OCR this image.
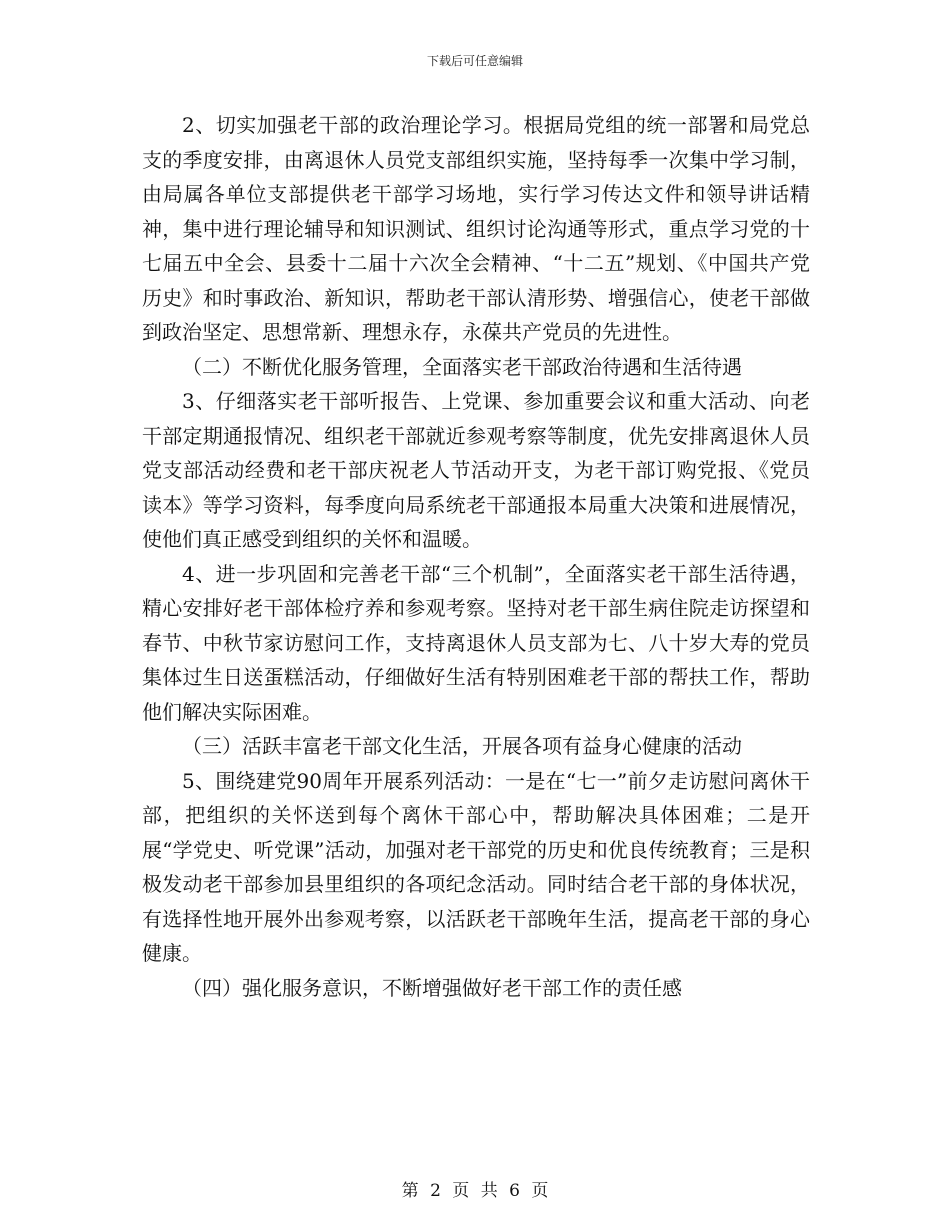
下载后可任意编辑

2、切实加强老干部的政治理论学习。根据局党组的统一部署和局党总支的季度安排，由离退休人员党支部组织实施，坚持每季一次集中学习制，由局属各单位支部提供老干部学习场地，实行学习传达文件和领导讲话精神，集中进行理论辅导和知识测试、组织讨论沟通等形式，重点学习党的十七届五中全会、县委十二届十六次全会精神、“十二五”规划、《中国共产党历史》和时事政治、新知识，帮助老干部认清形势、增强信心，使老干部做到政治坚定、思想常新、理想永存，永葆共产党员的先进性。

（二）不断优化服务管理，全面落实老干部政治待遇和生活待遇

3、仔细落实老干部听报告、上党课、参加重要会议和重大活动、向老干部定期通报情况、组织老干部就近参观考察等制度，优先安排离退休人员党支部活动经费和老干部庆祝老人节活动开支，为老干部订购党报、《党员读本》等学习资料，每季度向局系统老干部通报本局重大决策和进展情况，使他们真正感受到组织的关怀和温暖。

4、进一步巩固和完善老干部“三个机制”，全面落实老干部生活待遇，精心安排好老干部体检疗养和参观考察。坚持对老干部生病住院走访探望和春节、中秋节家访慰问工作，支持离退休人员支部为七、八十岁大寿的党员集体过生日送蛋糕活动，仔细做好生活有特别困难老干部的帮扶工作，帮助他们解决实际困难。

（三）活跃丰富老干部文化生活，开展各项有益身心健康的活动

5、围绕建党90周年开展系列活动：一是在“七一”前夕走访慰问离休干部，把组织的关怀送到每个离休干部心中，帮助解决具体困难；二是开展“学党史、听党课”活动，加强对老干部党的历史和优良传统教育；三是积极发动老干部参加县里组织的各项纪念活动。同时结合老干部的身体状况，有选择性地开展外出参观考察，以活跃老干部晚年生活，提高老干部的身心健康。

（四）强化服务意识，不断增强做好老干部工作的责任感

第 2 页 共 6 页
